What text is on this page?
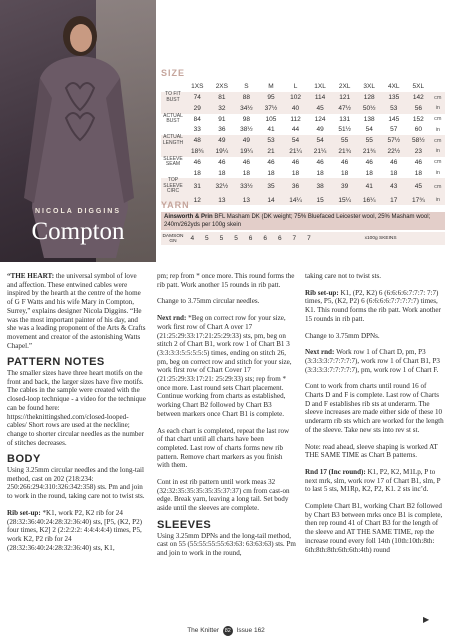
NICOLA DIGGINS
Compton
SIZE
	1XS	2XS	S	M	L	1XL	2XL	3XL	4XL	5XL	
TO FIT BUST	74	81	88	95	102	114	121	128	135	142	cm
	29	32	34½	37½	40	45	47½	50½	53	56	in
ACTUAL BUST	84	91	98	105	112	124	131	138	145	152	cm
	33	36	38½	41	44	49	51½	54	57	60	in
ACTUAL LENGTH	48	49	49	53	54	54	55	55	57½	58½	cm
	18¾	19¼	19¼	21	21¼	21¼	21¾	21¾	22½	23	in
SLEEVE SEAM	46	46	46	46	46	46	46	46	46	46	cm
	18	18	18	18	18	18	18	18	18	18	in
TOP SLEEVE CIRC	31	32½	33½	35	36	38	39	41	43	45	cm
	12	13	13	14	14¼	15	15¼	16¼	17	17¾	in
YARN
Ainsworth & Prin BFL Masham DK (DK weight; 75% Bluefaced Leicester wool, 25% Masham wool; 240m/262yds per 100g skein
DAMSON GN	4	5	5	5	6	6	6	7	7	x100g SKEINS

“THE HEART: the universal symbol of love and affection. These entwined cables were inspired by the hearth at the centre of the home of G F Watts and his wife Mary in Compton, Surrey,” explains designer Nicola Diggins. “He was the most important painter of his day, and she was a leading proponent of the Arts & Crafts movement and creator of the astonishing Watts Chapel.”

PATTERN NOTES

The smaller sizes have three heart motifs on the front and back, the larger sizes have five motifs. The cables in the sample were created with the closed-loop technique - a video for the technique can be found here: https://theknittingshed.com/closed-looped-cables/ Short rows are used at the neckline; change to shorter circular needles as the number of stitches decreases.

BODY

Using 3.25mm circular needles and the long-tail method, cast on 202 (218:234: 250:266:294:310:326:342:358) sts. Pm and join to work in the round, taking care not to twist sts.

Rib set-up: *K1, work P2, K2 rib for 24 (28:32:36:40:24:28:32:36:40) sts, [P5, (K2, P2) four times, K2] 2 (2:2:2:2: 4:4:4:4:4) times, P5, work K2, P2 rib for 24 (28:32:36:40:24:28:32:36:40) sts, K1,

pm; rep from * once more. This round forms the rib patt. Work another 15 rounds in rib patt.

Change to 3.75mm circular needles.

Next rnd: *Beg on correct row for your size, work first row of Chart A over 17 (21:25:29:33:17:21:25:29:33) sts, pm, beg on stitch 2 of Chart B1, work row 1 of Chart B1 3 (3:3:3:3:5:5:5:5:5) times, ending on stitch 26, pm, beg on correct row and stitch for your size, work first row of Chart Cover 17 (21:25:29:33:17:21: 25:29:33) sts; rep from * once more. Last round sets Chart placement. Continue working from charts as established, working Chart B2 followed by Chart B3 between markers once Chart B1 is complete.

As each chart is completed, repeat the last row of that chart until all charts have been completed. Last row of charts forms new rib pattern. Remove chart markers as you finish with them.

Cont in est rib pattern until work meas 32 (32:32:35:35:35:35:35:37:37) cm from cast-on edge. Break yarn, leaving a long tail. Set body aside until the sleeves are complete.

SLEEVES

Using 3.25mm DPNs and the long-tail method, cast on 55 (55:55:55:55:63:63: 63:63:63) sts. Pm and join to work in the round,

taking care not to twist sts.

Rib set-up: K1, (P2, K2) 6 (6:6:6:6:7:7:7: 7:7) times, P5, (K2, P2) 6 (6:6:6:6:7:7:7:7:7) times, K1. This round forms the rib patt. Work another 15 rounds in rib patt.

Change to 3.75mm DPNs.

Next rnd: Work row 1 of Chart D, pm, P3 (3:3:3:3:7:7:7:7:7), work row 1 of Chart B1, P3 (3:3:3:3:7:7:7:7:7), pm, work row 1 of Chart F.

Cont to work from charts until round 16 of Charts D and F is complete. Last row of Charts D and F establishes rib sts at underarm. The sleeve increases are made either side of these 10 underarm rib sts which are worked for the length of the sleeve. Take new sts into rev st st.

Note: read ahead, sleeve shaping is worked AT THE SAME TIME as Chart B patterns.

Rnd 17 (Inc round): K1, P2, K2, M1Lp, P to next mrk, slm, work row 17 of Chart B1, slm, P to last 5 sts, M1Rp, K2, P2, K1. 2 sts inc’d.

Complete Chart B1, working Chart B2 followed by Chart B3 between mrks once B1 is complete, then rep round 41 of Chart B3 for the length of the sleeve and AT THE SAME TIME, rep the increase round every foll 14th (10th:10th:8th: 6th:8th:8th:6th:6th:4th) round

The Knitter 82 Issue 162
▶
